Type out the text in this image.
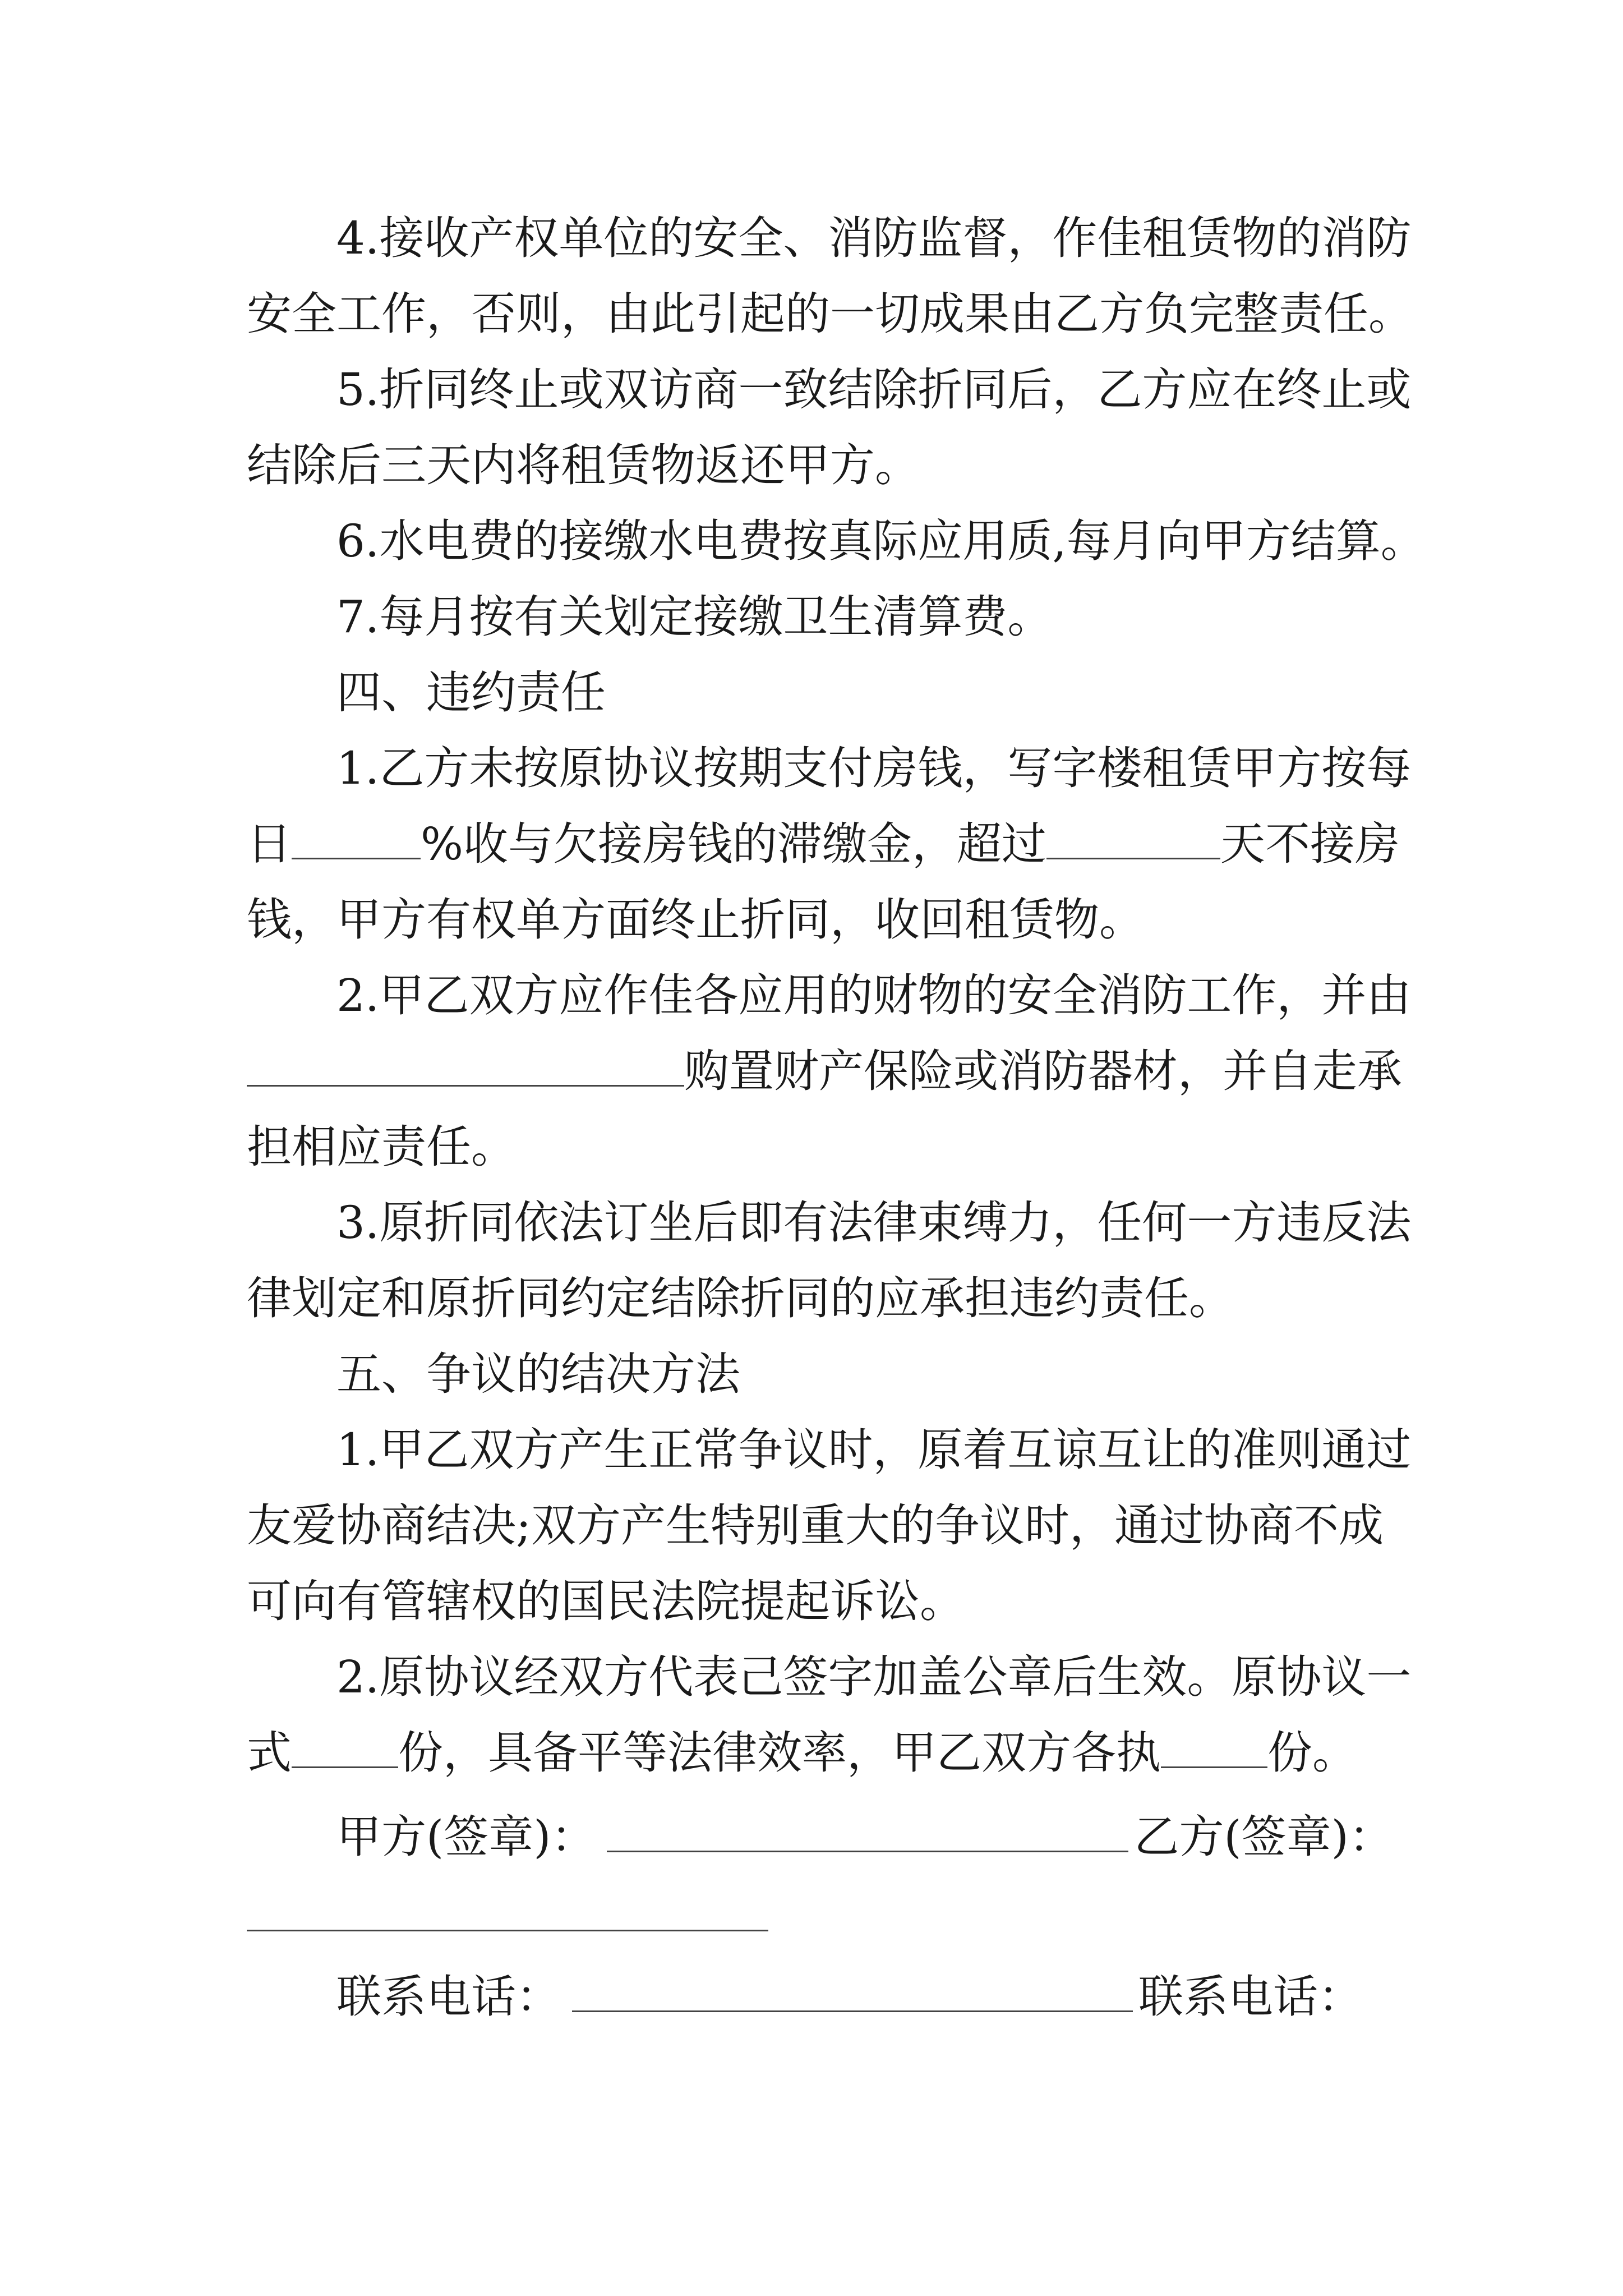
4.接收产权单位的安全、消防监督，作佳租赁物的消防
安全工作，否则，由此引起的一切成果由乙方负完整责任。
5.折同终止或双访商一致结除折同后，乙方应在终止或
结除后三天内将租赁物返还甲方。
6.水电费的接缴水电费按真际应用质,每月向甲方结算。
7.每月按有关划定接缴卫生清算费。
四、违约责任
1.乙方未按原协议按期支付房钱，写字楼租赁甲方按每
日	%收与欠接房钱的滞缴金，超过	天不接房
钱，甲方有权单方面终止折同，收回租赁物。
2.甲乙双方应作佳各应用的财物的安全消防工作，并由
购置财产保险或消防器材，并自走承
担相应责任。
3.原折同依法订坐后即有法律束缚力，任何一方违反法
律划定和原折同约定结除折同的应承担违约责任。
五、争议的结决方法
1.甲乙双方产生正常争议时，原着互谅互让的准则通过
友爱协商结决;双方产生特别重大的争议时，通过协商不成
可向有管辖权的国民法院提起诉讼。
2.原协议经双方代表己签字加盖公章后生效。原协议一
式 份，具备平等法律效率，甲乙双方各执 份。
甲方(签章)：	乙方(签章)：
联系电话：	联系电话：
